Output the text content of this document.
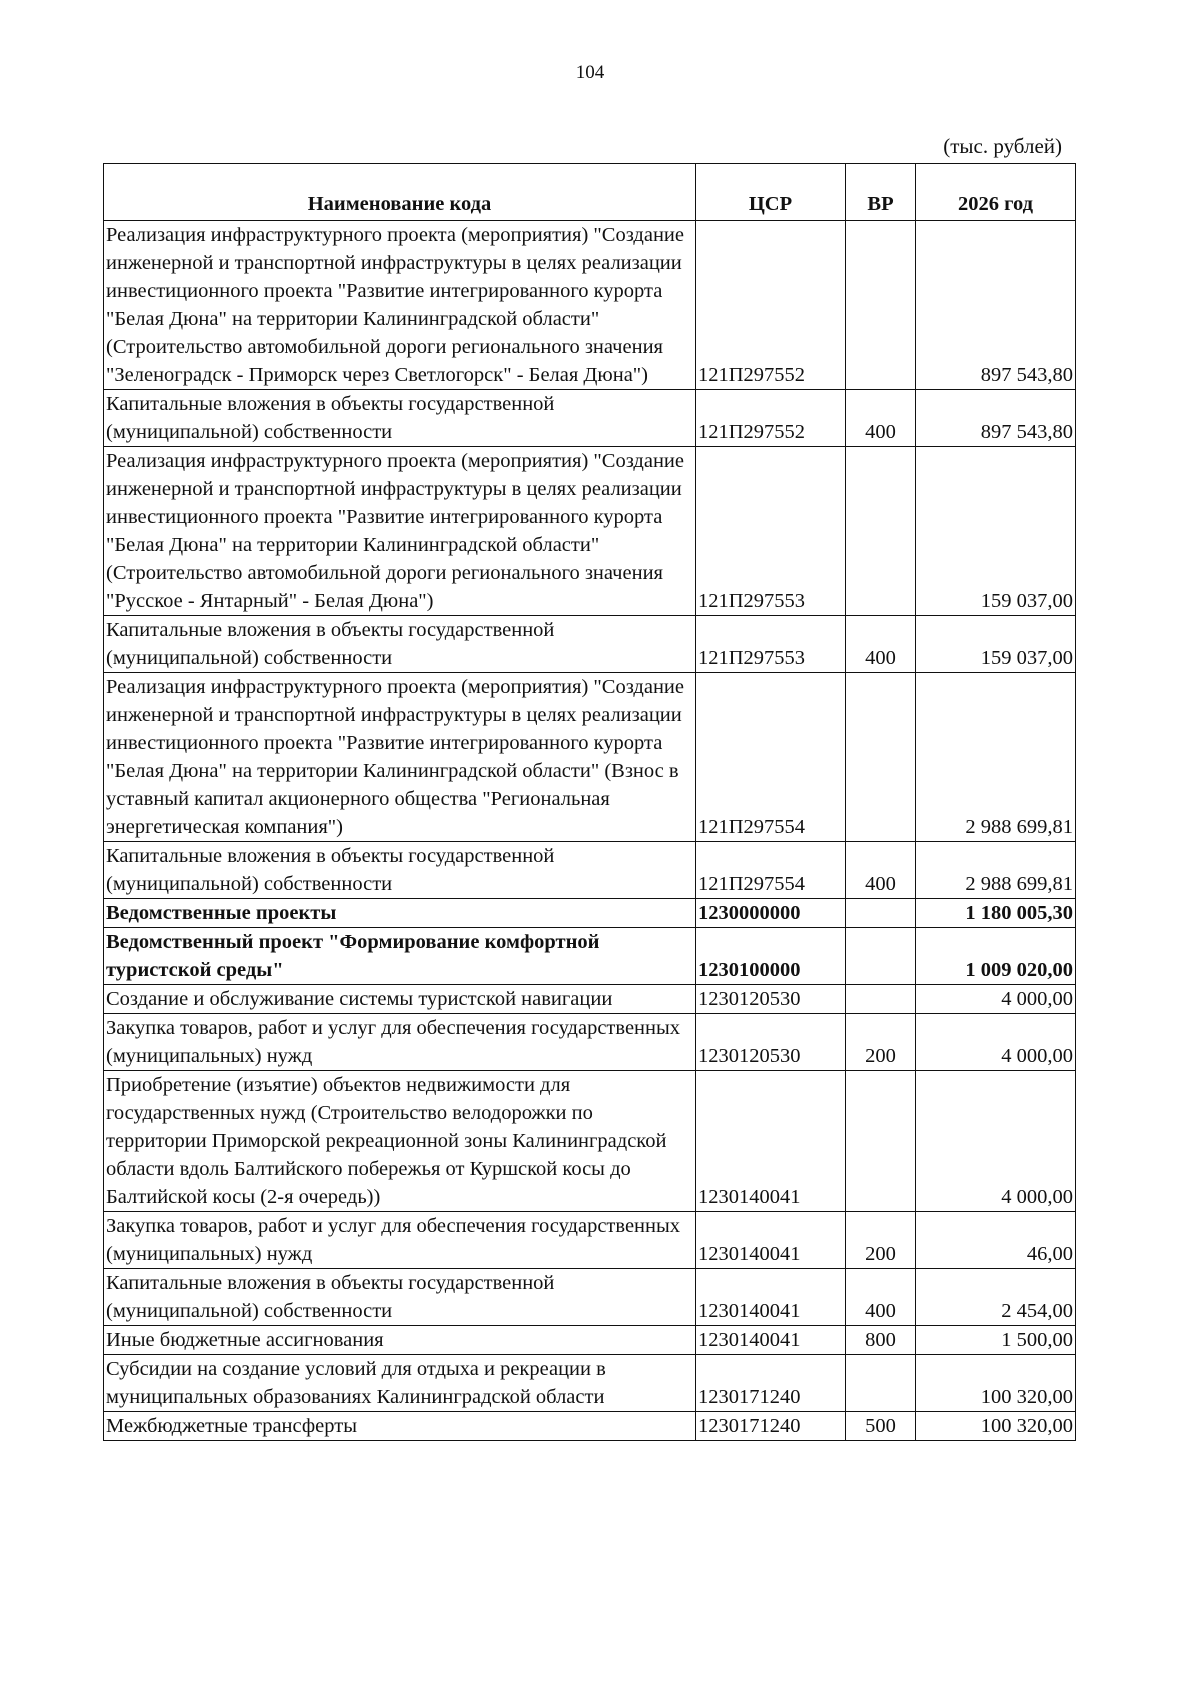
104
(тыс. рублей)
Наименование кода	ЦСР	ВР	2026 год
Реализация инфраструктурного проекта (мероприятия) "Создание инженерной и транспортной инфраструктуры в целях реализации инвестиционного проекта "Развитие интегрированного курорта "Белая Дюна" на территории Калининградской области" (Строительство автомобильной дороги регионального значения "Зеленоградск - Приморск через Светлогорск" - Белая Дюна")	121П297552		897 543,80
Капитальные вложения в объекты государственной (муниципальной) собственности	121П297552	400	897 543,80
Реализация инфраструктурного проекта (мероприятия) "Создание инженерной и транспортной инфраструктуры в целях реализации инвестиционного проекта "Развитие интегрированного курорта "Белая Дюна" на территории Калининградской области" (Строительство автомобильной дороги регионального значения "Русское - Янтарный" - Белая Дюна")	121П297553		159 037,00
Капитальные вложения в объекты государственной (муниципальной) собственности	121П297553	400	159 037,00
Реализация инфраструктурного проекта (мероприятия) "Создание инженерной и транспортной инфраструктуры в целях реализации инвестиционного проекта "Развитие интегрированного курорта "Белая Дюна" на территории Калининградской области" (Взнос в уставный капитал акционерного общества "Региональная энергетическая компания")	121П297554		2 988 699,81
Капитальные вложения в объекты государственной (муниципальной) собственности	121П297554	400	2 988 699,81
Ведомственные проекты	1230000000		1 180 005,30
Ведомственный проект "Формирование комфортной туристской среды"	1230100000		1 009 020,00
Создание и обслуживание системы туристской навигации	1230120530		4 000,00
Закупка товаров, работ и услуг для обеспечения государственных (муниципальных) нужд	1230120530	200	4 000,00
Приобретение (изъятие) объектов недвижимости для государственных нужд (Строительство велодорожки по территории Приморской рекреационной зоны Калининградской области вдоль Балтийского побережья от Куршской косы до Балтийской косы (2-я очередь))	1230140041		4 000,00
Закупка товаров, работ и услуг для обеспечения государственных (муниципальных) нужд	1230140041	200	46,00
Капитальные вложения в объекты государственной (муниципальной) собственности	1230140041	400	2 454,00
Иные бюджетные ассигнования	1230140041	800	1 500,00
Субсидии на создание условий для отдыха и рекреации в муниципальных образованиях Калининградской области	1230171240		100 320,00
Межбюджетные трансферты	1230171240	500	100 320,00
